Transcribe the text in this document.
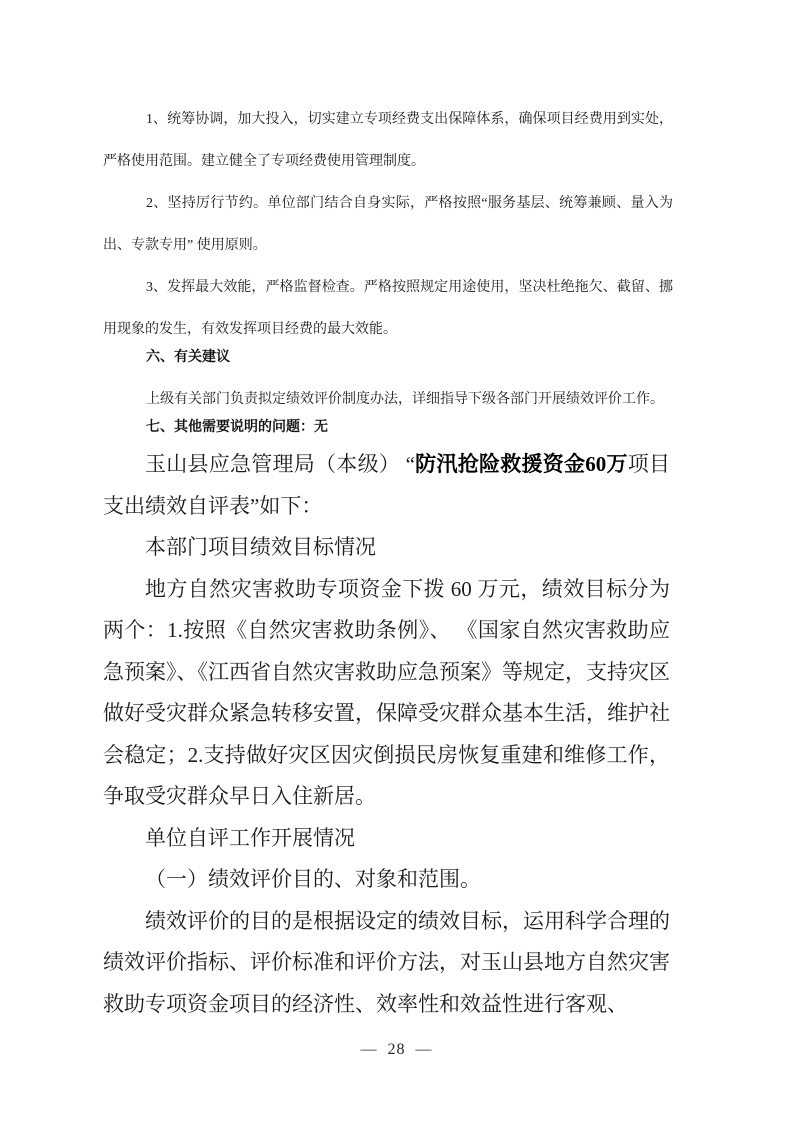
1、统筹协调，加大投入，切实建立专项经费支出保障体系，确保项目经费用到实处，严格使用范围。建立健全了专项经费使用管理制度。

2、坚持厉行节约。单位部门结合自身实际，严格按照“服务基层、统筹兼顾、量入为出、专款专用” 使用原则。

3、发挥最大效能，严格监督检查。严格按照规定用途使用，坚决杜绝拖欠、截留、挪用现象的发生，有效发挥项目经费的最大效能。

六、有关建议
上级有关部门负责拟定绩效评价制度办法，详细指导下级各部门开展绩效评价工作。
七、其他需要说明的问题：无

玉山县应急管理局（本级） “防汛抢险救援资金60万项目支出绩效自评表”如下：

本部门项目绩效目标情况

地方自然灾害救助专项资金下拨 60 万元，绩效目标分为两个：1.按照《自然灾害救助条例》、 《国家自然灾害救助应急预案》、《江西省自然灾害救助应急预案》等规定，支持灾区做好受灾群众紧急转移安置，保障受灾群众基本生活，维护社会稳定；2.支持做好灾区因灾倒损民房恢复重建和维修工作，争取受灾群众早日入住新居。

单位自评工作开展情况

（一）绩效评价目的、对象和范围。

绩效评价的目的是根据设定的绩效目标，运用科学合理的绩效评价指标、评价标准和评价方法，对玉山县地方自然灾害救助专项资金项目的经济性、效率性和效益性进行客观、

— 28 —
